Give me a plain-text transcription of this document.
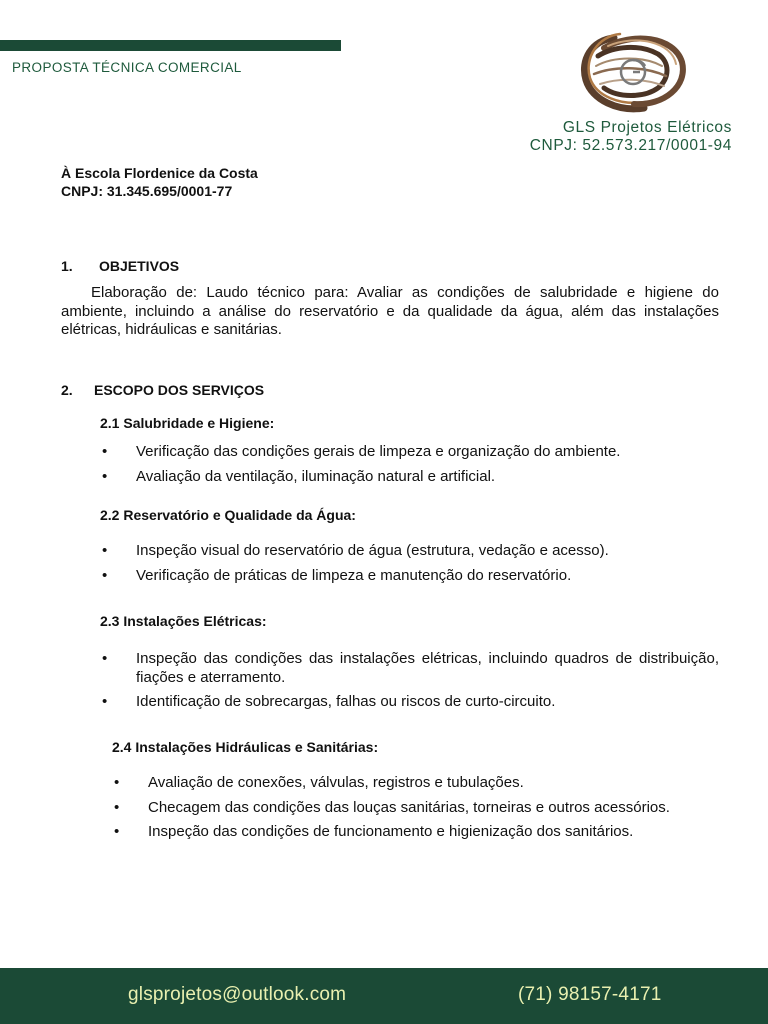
PROPOSTA TÉCNICA COMERCIAL
GLS Projetos Elétricos
CNPJ: 52.573.217/0001-94
À Escola Flordenice da Costa
CNPJ: 31.345.695/0001-77
1. OBJETIVOS

Elaboração de: Laudo técnico para: Avaliar as condições de salubridade e higiene do ambiente, incluindo a análise do reservatório e da qualidade da água, além das instalações elétricas, hidráulicas e sanitárias.

2. ESCOPO DOS SERVIÇOS
2.1 Salubridade e Higiene:
• Verificação das condições gerais de limpeza e organização do ambiente.
• Avaliação da ventilação, iluminação natural e artificial.
2.2 Reservatório e Qualidade da Água:
• Inspeção visual do reservatório de água (estrutura, vedação e acesso).
• Verificação de práticas de limpeza e manutenção do reservatório.
2.3 Instalações Elétricas:
• Inspeção das condições das instalações elétricas, incluindo quadros de distribuição, fiações e aterramento.
• Identificação de sobrecargas, falhas ou riscos de curto-circuito.
2.4 Instalações Hidráulicas e Sanitárias:
• Avaliação de conexões, válvulas, registros e tubulações.
• Checagem das condições das louças sanitárias, torneiras e outros acessórios.
• Inspeção das condições de funcionamento e higienização dos sanitários.
glsprojetos@outlook.com	(71) 98157-4171
